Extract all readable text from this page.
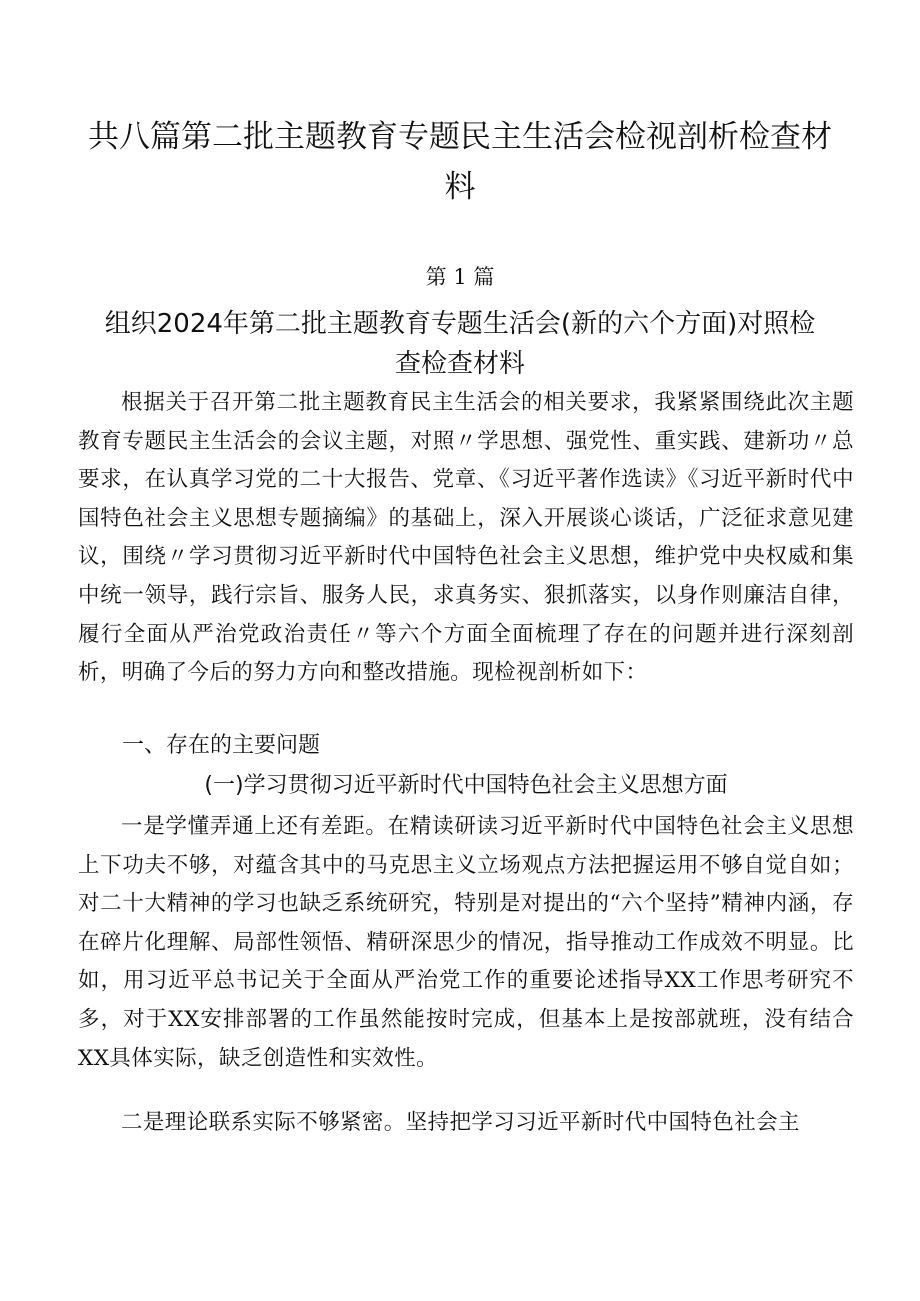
共八篇第二批主题教育专题民主生活会检视剖析检查材料
第 1 篇
组织2024年第二批主题教育专题生活会(新的六个方面)对照检查检查材料

根据关于召开第二批主题教育民主生活会的相关要求，我紧紧围绕此次主题教育专题民主生活会的会议主题，对照〃学思想、强党性、重实践、建新功〃总要求，在认真学习党的二十大报告、党章、《习近平著作选读》《习近平新时代中国特色社会主义思想专题摘编》的基础上，深入开展谈心谈话，广泛征求意见建议，围绕〃学习贯彻习近平新时代中国特色社会主义思想，维护党中央权威和集中统一领导，践行宗旨、服务人民，求真务实、狠抓落实，以身作则廉洁自律，履行全面从严治党政治责任〃等六个方面全面梳理了存在的问题并进行深刻剖析，明确了今后的努力方向和整改措施。现检视剖析如下：

一、存在的主要问题
(一)学习贯彻习近平新时代中国特色社会主义思想方面

一是学懂弄通上还有差距。在精读研读习近平新时代中国特色社会主义思想上下功夫不够，对蕴含其中的马克思主义立场观点方法把握运用不够自觉自如；对二十大精神的学习也缺乏系统研究，特别是对提出的“六个坚持”精神内涵，存在碎片化理解、局部性领悟、精研深思少的情况，指导推动工作成效不明显。比如，用习近平总书记关于全面从严治党工作的重要论述指导XX工作思考研究不多，对于XX安排部署的工作虽然能按时完成，但基本上是按部就班，没有结合XX具体实际，缺乏创造性和实效性。

二是理论联系实际不够紧密。坚持把学习习近平新时代中国特色社会主
